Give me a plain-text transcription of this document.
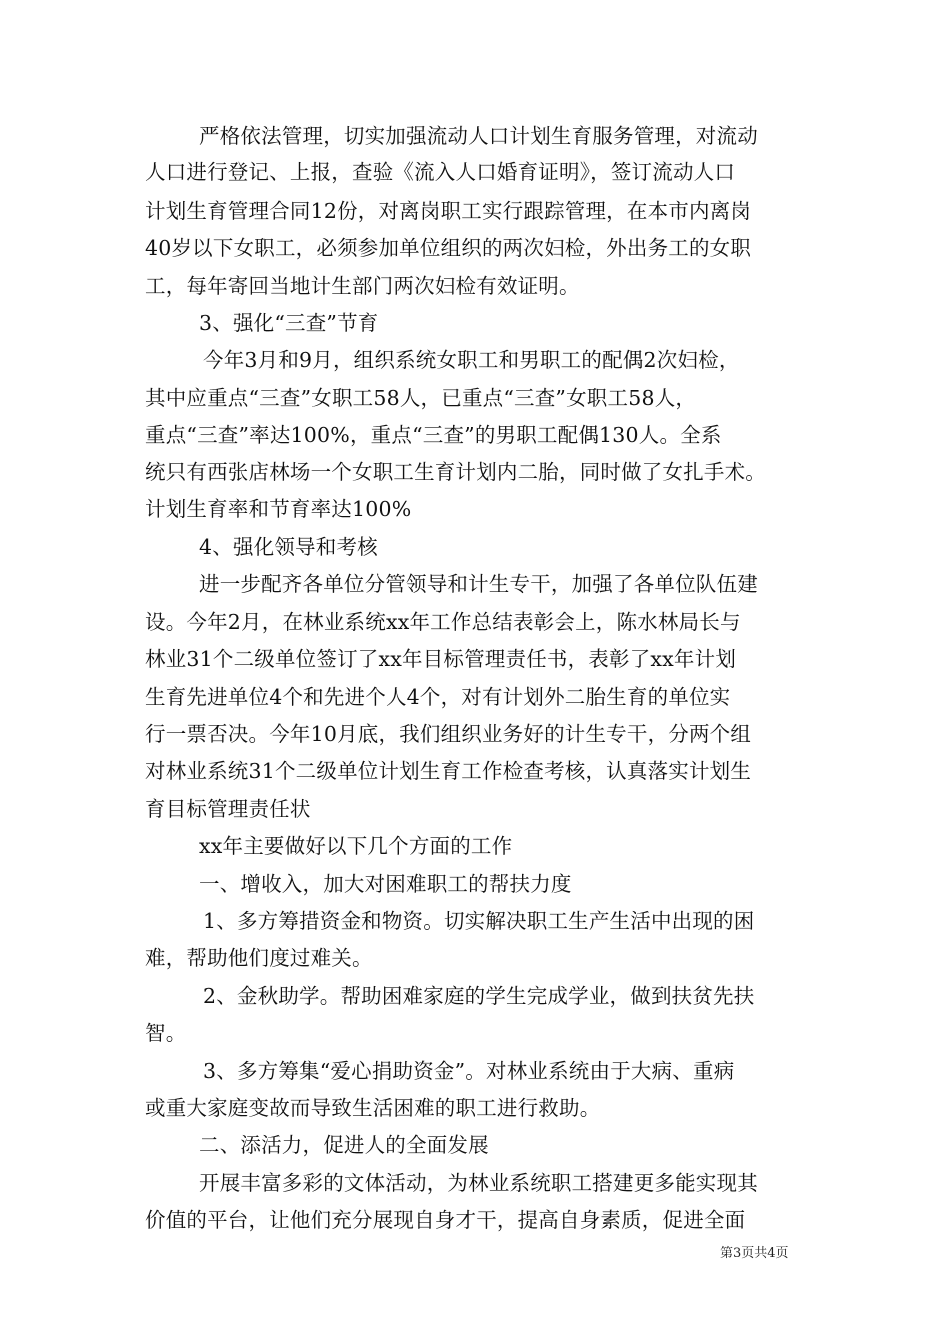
严格依法管理，切实加强流动人口计划生育服务管理，对流动
人口进行登记、上报，查验《流入人口婚育证明》，签订流动人口
计划生育管理合同12份，对离岗职工实行跟踪管理，在本市内离岗
40岁以下女职工，必须参加单位组织的两次妇检，外出务工的女职
工，每年寄回当地计生部门两次妇检有效证明。
3、强化“三查”节育
今年3月和9月，组织系统女职工和男职工的配偶2次妇检，
其中应重点“三查”女职工58人，已重点“三查”女职工58人，
重点“三查”率达100%，重点“三查”的男职工配偶130人。全系
统只有西张店林场一个女职工生育计划内二胎，同时做了女扎手术。
计划生育率和节育率达100%
4、强化领导和考核
进一步配齐各单位分管领导和计生专干，加强了各单位队伍建
设。今年2月，在林业系统xx年工作总结表彰会上，陈水林局长与
林业31个二级单位签订了xx年目标管理责任书，表彰了xx年计划
生育先进单位4个和先进个人4个，对有计划外二胎生育的单位实
行一票否决。今年10月底，我们组织业务好的计生专干，分两个组
对林业系统31个二级单位计划生育工作检查考核，认真落实计划生
育目标管理责任状
xx年主要做好以下几个方面的工作
一、增收入，加大对困难职工的帮扶力度
1、多方筹措资金和物资。切实解决职工生产生活中出现的困
难，帮助他们度过难关。
2、金秋助学。帮助困难家庭的学生完成学业，做到扶贫先扶
智。
3、多方筹集“爱心捐助资金”。对林业系统由于大病、重病
或重大家庭变故而导致生活困难的职工进行救助。
二、添活力，促进人的全面发展
开展丰富多彩的文体活动，为林业系统职工搭建更多能实现其
价值的平台，让他们充分展现自身才干，提高自身素质，促进全面
第3页共4页
